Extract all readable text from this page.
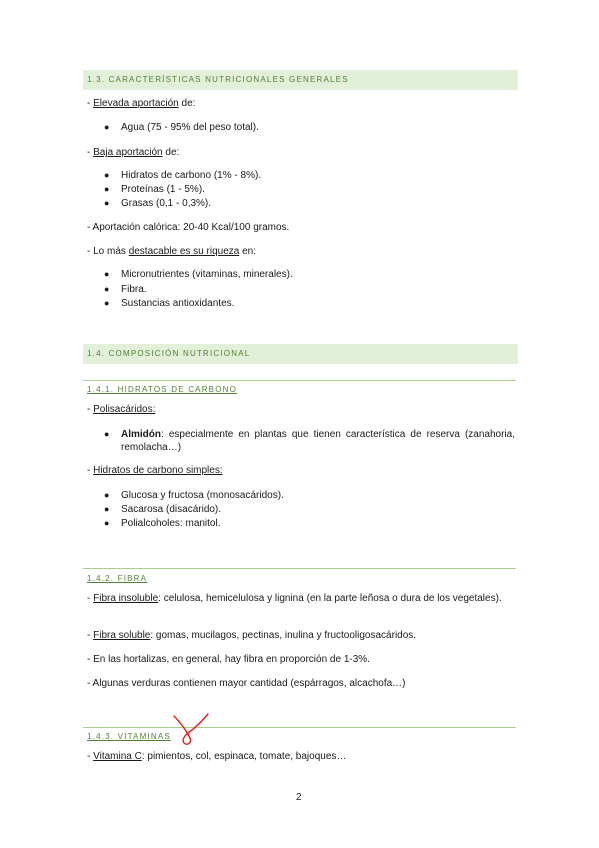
1.3. CARACTERÍSTICAS NUTRICIONALES GENERALES
- Elevada aportación de:
● Agua (75 - 95% del peso total).
- Baja aportación de:
● Hidratos de carbono (1% - 8%).
● Proteínas (1 - 5%).
● Grasas (0,1 - 0,3%).
- Aportación calórica: 20-40 Kcal/100 gramos.
- Lo más destacable es su riqueza en:
● Micronutrientes (vitaminas, minerales).
● Fibra.
● Sustancias antioxidantes.
1.4. COMPOSICIÓN NUTRICIONAL
1.4.1. HIDRATOS DE CARBONO
- Polisacáridos:
● Almidón: especialmente en plantas que tienen característica de reserva (zanahoria, remolacha…)
- Hidratos de carbono simples:
● Glucosa y fructosa (monosacáridos).
● Sacarosa (disacárido).
● Polialcoholes: manitol.
1.4.2. FIBRA
- Fibra insoluble: celulosa, hemicelulosa y lignina (en la parte leñosa o dura de los vegetales).
- Fibra soluble: gomas, mucilagos, pectinas, inulina y fructooligosacáridos.
- En las hortalizas, en general, hay fibra en proporción de 1-3%.
- Algunas verduras contienen mayor cantidad (espárragos, alcachofa…)
1.4.3. VITAMINAS
- Vitamina C: pimientos, col, espinaca, tomate, bajoques…
2
